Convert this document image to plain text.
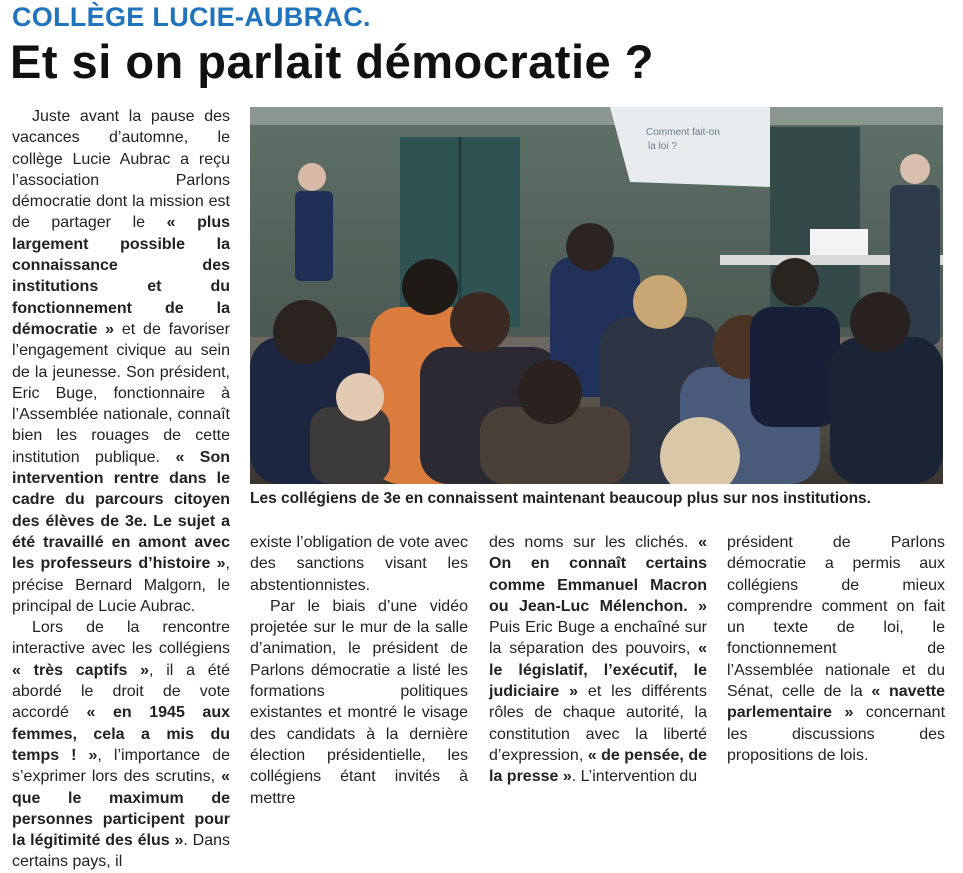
COLLÈGE LUCIE-AUBRAC.
Et si on parlait démocratie ?

Juste avant la pause des vacances d’automne, le collège Lucie Aubrac a reçu l’association Parlons démocratie dont la mission est de partager le « plus largement possible la connaissance des institutions et du fonctionnement de la démocratie » et de favoriser l’engagement civique au sein de la jeunesse. Son président, Eric Buge, fonctionnaire à l’Assemblée nationale, connaît bien les rouages de cette institution publique. « Son intervention rentre dans le cadre du parcours citoyen des élèves de 3e. Le sujet a été travaillé en amont avec les professeurs d’histoire », précise Bernard Malgorn, le principal de Lucie Aubrac.

Lors de la rencontre interactive avec les collégiens « très captifs », il a été abordé le droit de vote accordé « en 1945 aux femmes, cela a mis du temps ! », l’importance de s’exprimer lors des scrutins, « que le maximum de personnes participent pour la légitimité des élus ». Dans certains pays, il

Comment fait-on
la loi ?
Les collégiens de 3e en connaissent maintenant beaucoup plus sur nos institutions.

existe l’obligation de vote avec des sanctions visant les abstentionnistes.

Par le biais d’une vidéo projetée sur le mur de la salle d’animation, le président de Parlons démocratie a listé les formations politiques existantes et montré le visage des candidats à la dernière élection présidentielle, les collégiens étant invités à mettre

des noms sur les clichés. « On en connaît certains comme Emmanuel Macron ou Jean-Luc Mélenchon. » Puis Eric Buge a enchaîné sur la séparation des pouvoirs, « le législatif, l’exécutif, le judiciaire » et les différents rôles de chaque autorité, la constitution avec la liberté d’expression, « de pensée, de la presse ». L’intervention du

président de Parlons démocratie a permis aux collégiens de mieux comprendre comment on fait un texte de loi, le fonctionnement de l’Assemblée nationale et du Sénat, celle de la « navette parlementaire » concernant les discussions des propositions de lois.
